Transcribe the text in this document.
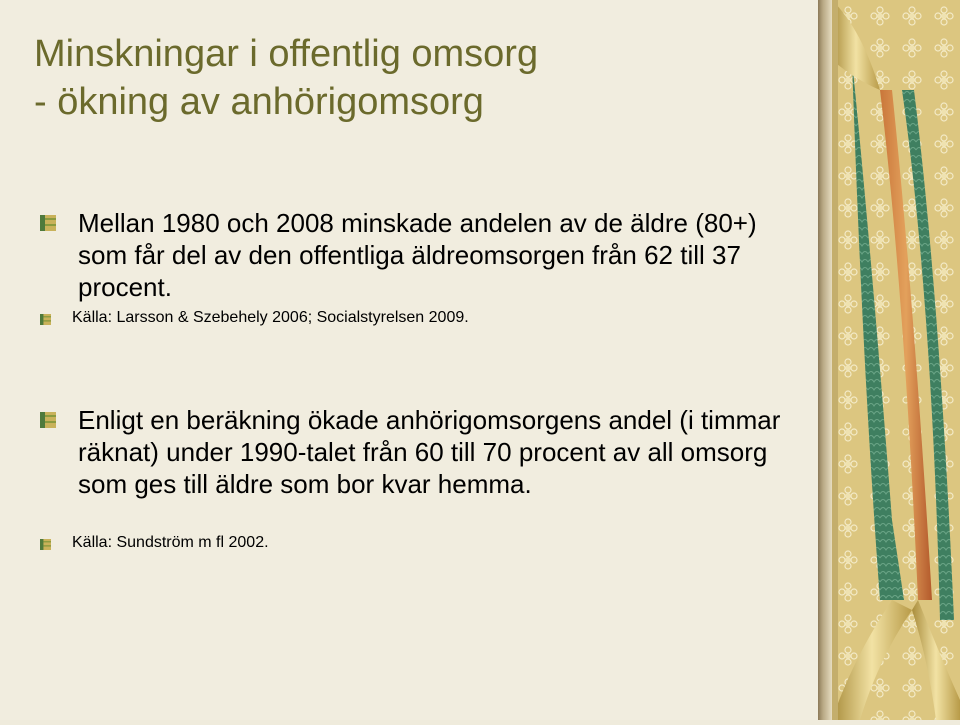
Minskningar i offentlig omsorg
- ökning av anhörigomsorg
Mellan 1980 och 2008 minskade andelen av de äldre (80+) som får del av den offentliga äldreomsorgen från 62 till 37 procent.
Källa: Larsson & Szebehely 2006; Socialstyrelsen 2009.
Enligt en beräkning ökade anhörigomsorgens andel (i timmar räknat) under 1990-talet från 60 till 70 procent av all omsorg som ges till äldre som bor kvar hemma.
Källa: Sundström m fl 2002.
